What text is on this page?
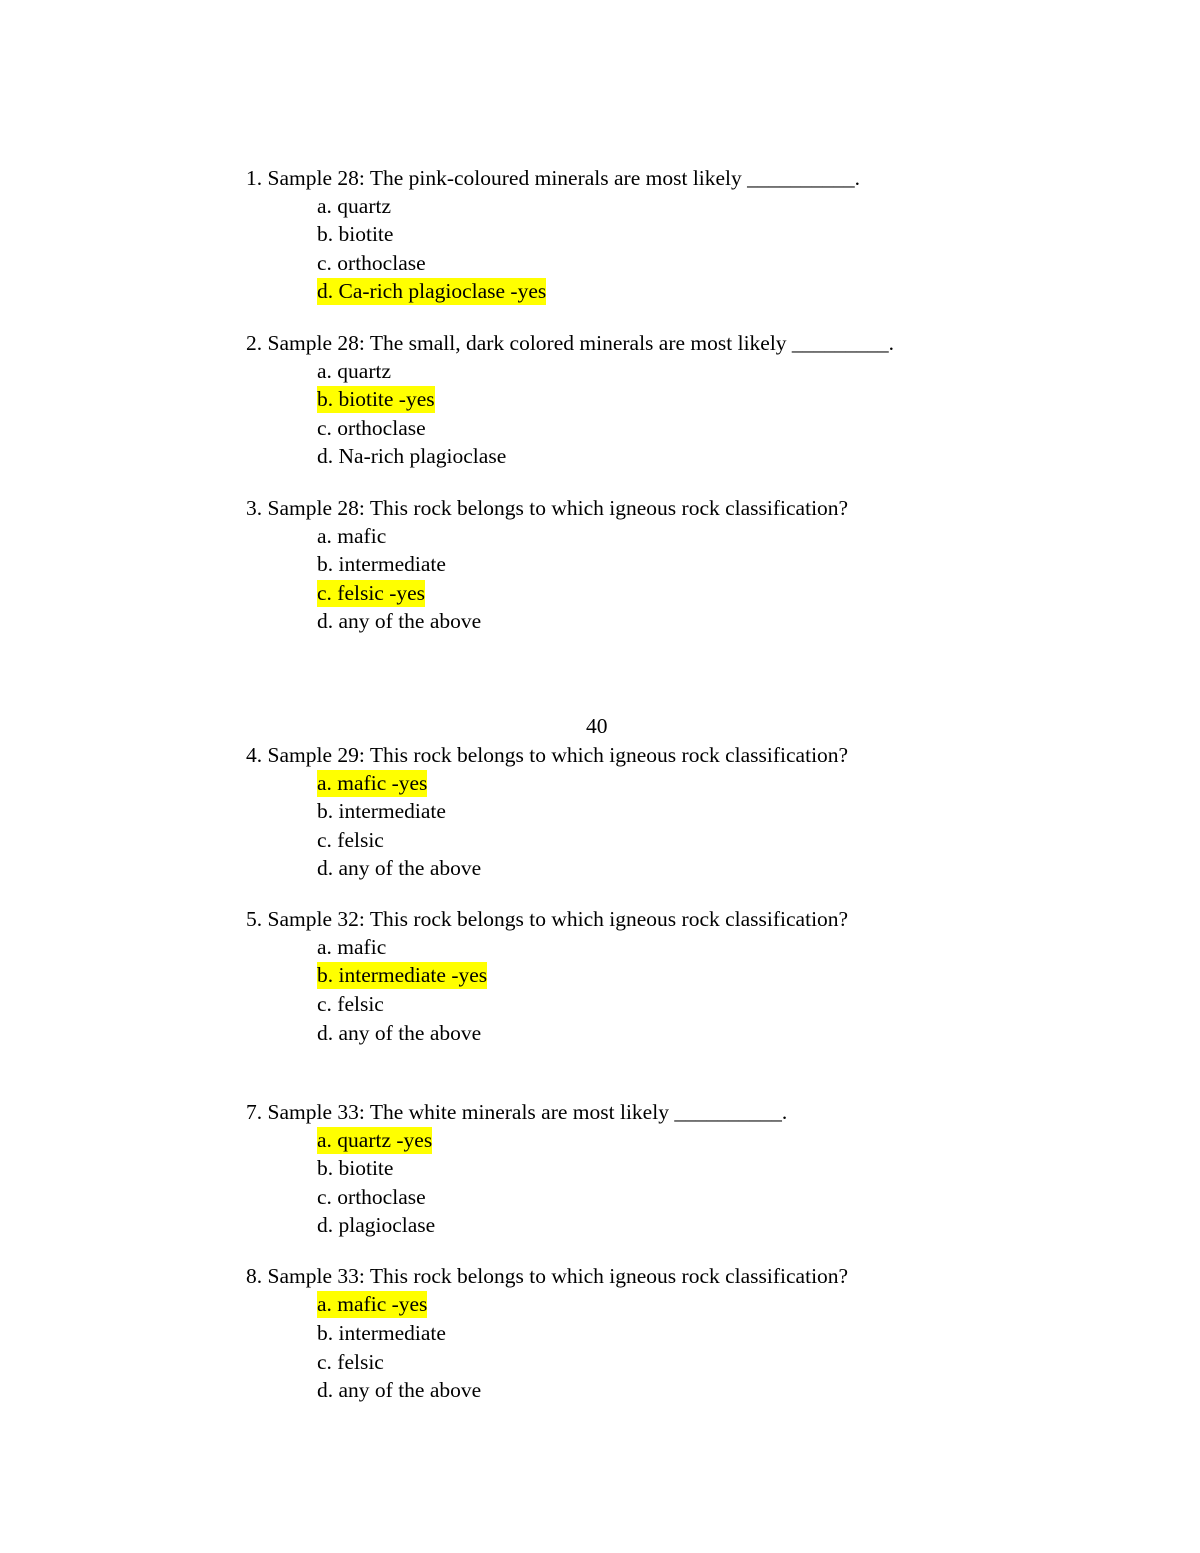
1. Sample 28: The pink-coloured minerals are most likely __________.
a. quartz
b. biotite
c. orthoclase
d. Ca-rich plagioclase -yes
2. Sample 28: The small, dark colored minerals are most likely _________.
a. quartz
b. biotite -yes
c. orthoclase
d. Na-rich plagioclase
3. Sample 28: This rock belongs to which igneous rock classification?
a. mafic
b. intermediate
c. felsic -yes
d. any of the above
40
4. Sample 29: This rock belongs to which igneous rock classification?
a. mafic -yes
b. intermediate
c. felsic
d. any of the above
5. Sample 32: This rock belongs to which igneous rock classification?
a. mafic
b. intermediate -yes
c. felsic
d. any of the above
7. Sample 33: The white minerals are most likely __________.
a. quartz -yes
b. biotite
c. orthoclase
d. plagioclase
8. Sample 33: This rock belongs to which igneous rock classification?
a. mafic -yes
b. intermediate
c. felsic
d. any of the above
